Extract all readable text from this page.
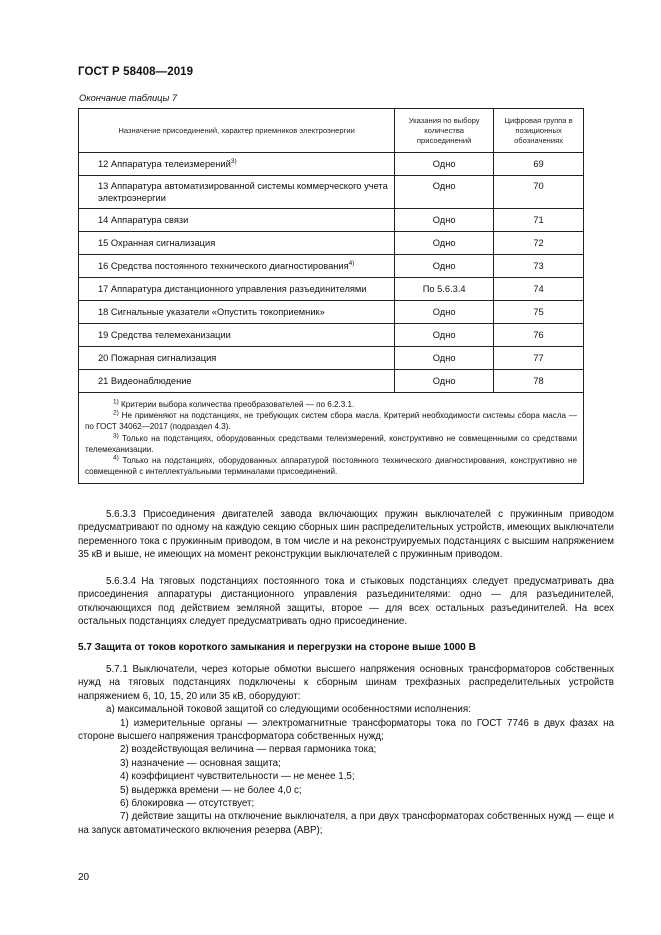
ГОСТ Р 58408—2019
Окончание таблицы 7
Назначение присоединений, характер приемников электроэнергии	Указания по выбору количества присоединений	Цифровая группа в позиционных обозначениях
12 Аппаратура телеизмерений$^{3)}$	Одно	69
13 Аппаратура автоматизированной системы коммерческого учета электроэнергии	Одно	70
14 Аппаратура связи	Одно	71
15 Охранная сигнализация	Одно	72
16 Средства постоянного технического диагностирования$^{4)}$	Одно	73
17 Аппаратура дистанционного управления разъединителями	По 5.6.3.4	74
18 Сигнальные указатели «Опустить токоприемник»	Одно	75
19 Средства телемеханизации	Одно	76
20 Пожарная сигнализация	Одно	77
21 Видеонаблюдение	Одно	78

$^{1)}$ Критерии выбора количества преобразователей — по 6.2.3.1.

$^{2)}$ Не применяют на подстанциях, не требующих систем сбора масла. Критерий необходимости системы сбора масла — по ГОСТ 34062—2017 (подраздел 4.3).

$^{3)}$ Только на подстанциях, оборудованных средствами телеизмерений, конструктивно не совмещенными со средствами телемеханизации.

$^{4)}$ Только на подстанциях, оборудованных аппаратурой постоянного технического диагностирования, конструктивно не совмещенной с интеллектуальными терминалами присоединений.		

5.6.3.3 Присоединения двигателей завода включающих пружин выключателей с пружинным приводом предусматривают по одному на каждую секцию сборных шин распределительных устройств, имеющих выключатели переменного тока с пружинным приводом, в том числе и на реконструируемых подстанциях с высшим напряжением 35 кВ и выше, не имеющих на момент реконструкции выключателей с пружинным приводом.

5.6.3.4 На тяговых подстанциях постоянного тока и стыковых подстанциях следует предусматривать два присоединения аппаратуры дистанционного управления разъединителями: одно — для разъединителей, отключающихся под действием земляной защиты, второе — для всех остальных разъединителей. На всех остальных подстанциях следует предусматривать одно присоединение.

5.7 Защита от токов короткого замыкания и перегрузки на стороне выше 1000 В

5.7.1 Выключатели, через которые обмотки высшего напряжения основных трансформаторов собственных нужд на тяговых подстанциях подключены к сборным шинам трехфазных распределительных устройств напряжением 6, 10, 15, 20 или 35 кВ, оборудуют:

а) максимальной токовой защитой со следующими особенностями исполнения:

1) измерительные органы — электромагнитные трансформаторы тока по ГОСТ 7746 в двух фазах на стороне высшего напряжения трансформатора собственных нужд;

2) воздействующая величина — первая гармоника тока;

3) назначение — основная защита;

4) коэффициент чувствительности — не менее 1,5;

5) выдержка времени — не более 4,0 с;

6) блокировка — отсутствует;

7) действие защиты на отключение выключателя, а при двух трансформаторах собственных нужд — еще и на запуск автоматического включения резерва (АВР);

20
